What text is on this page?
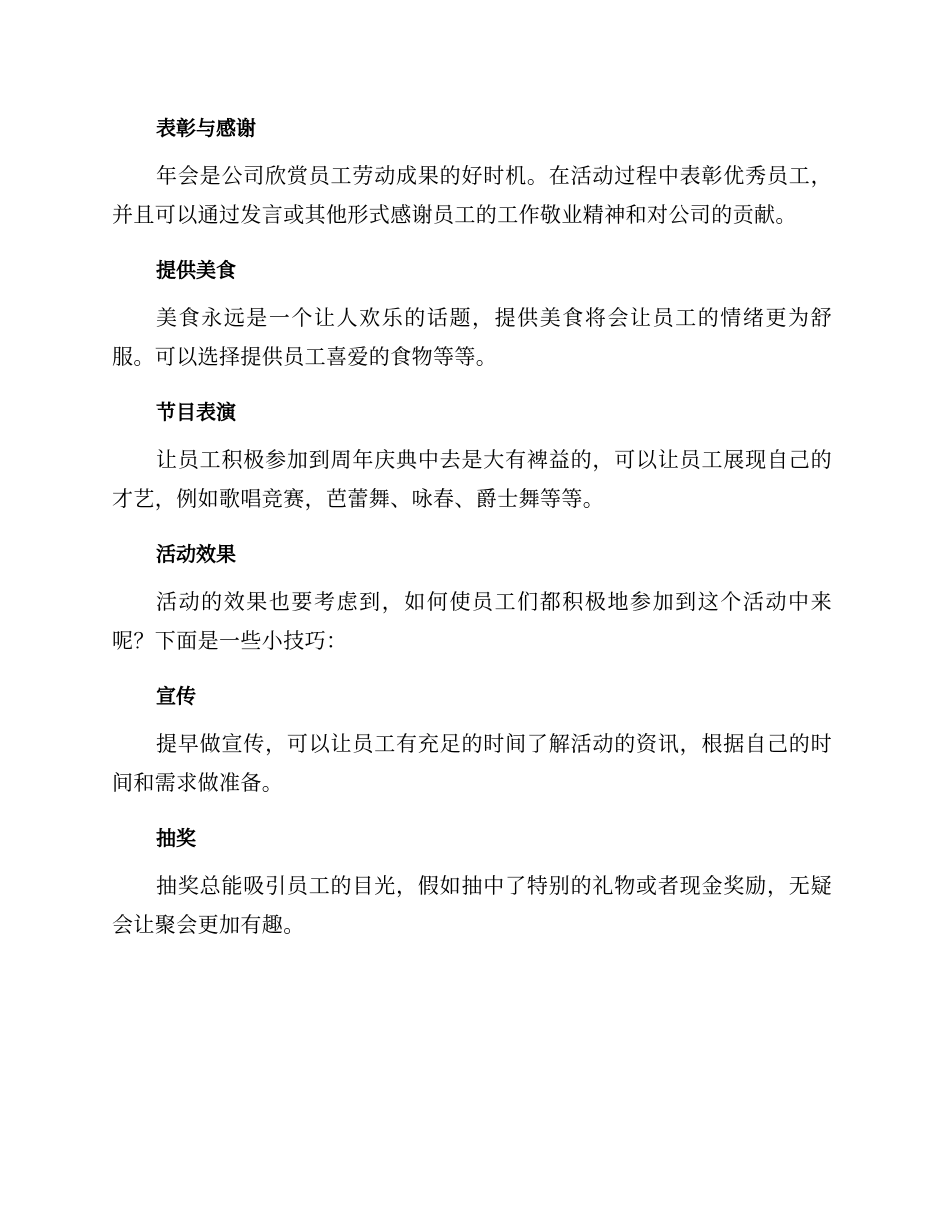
表彰与感谢

年会是公司欣赏员工劳动成果的好时机。在活动过程中表彰优秀员工，并且可以通过发言或其他形式感谢员工的工作敬业精神和对公司的贡献。

提供美食

美食永远是一个让人欢乐的话题，提供美食将会让员工的情绪更为舒服。可以选择提供员工喜爱的食物等等。

节目表演

让员工积极参加到周年庆典中去是大有裨益的，可以让员工展现自己的才艺，例如歌唱竞赛，芭蕾舞、咏春、爵士舞等等。

活动效果

活动的效果也要考虑到，如何使员工们都积极地参加到这个活动中来呢？下面是一些小技巧：

宣传

提早做宣传，可以让员工有充足的时间了解活动的资讯，根据自己的时间和需求做准备。

抽奖

抽奖总能吸引员工的目光，假如抽中了特别的礼物或者现金奖励，无疑会让聚会更加有趣。
